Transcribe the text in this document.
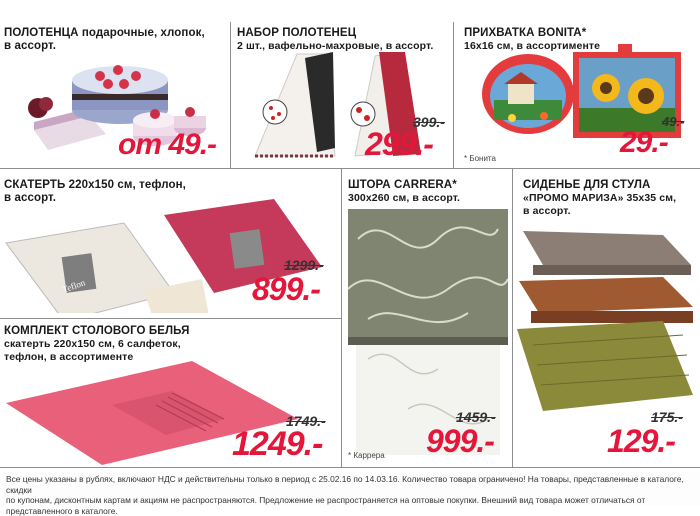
ПОЛОТЕНЦА подарочные, хлопок,
в ассорт.
от 49.-
НАБОР ПОЛОТЕНЕЦ
2 шт., вафельно-махровые, в ассорт.
399.-
299.-
ПРИХВАТКА BONITA*
16x16 см, в ассортименте
49.-
29.-
* Бонита
СКАТЕРТЬ 220x150 см, тефлон,
в ассорт.
Teflon
1299.-
899.-
КОМПЛЕКТ СТОЛОВОГО БЕЛЬЯ
скатерть 220x150 см, 6 салфеток,
тефлон, в ассортименте
1749.-
1249.-
ШТОРА CARRERA*
300x260 см, в ассорт.
1459.-
999.-
* Каррера
СИДЕНЬЕ ДЛЯ СТУЛА
«ПРОМО МАРИЗА» 35x35 см,
в ассорт.
175.-
129.-
Все цены указаны в рублях, включают НДС и действительны только в период с 25.02.16 по 14.03.16. Количество товара ограничено! На товары, представленные в каталоге, скидки
по купонам, дисконтным картам и акциям не распространяются. Предложение не распространяется на оптовые покупки. Внешний вид товара может отличаться от представленного в каталоге.
